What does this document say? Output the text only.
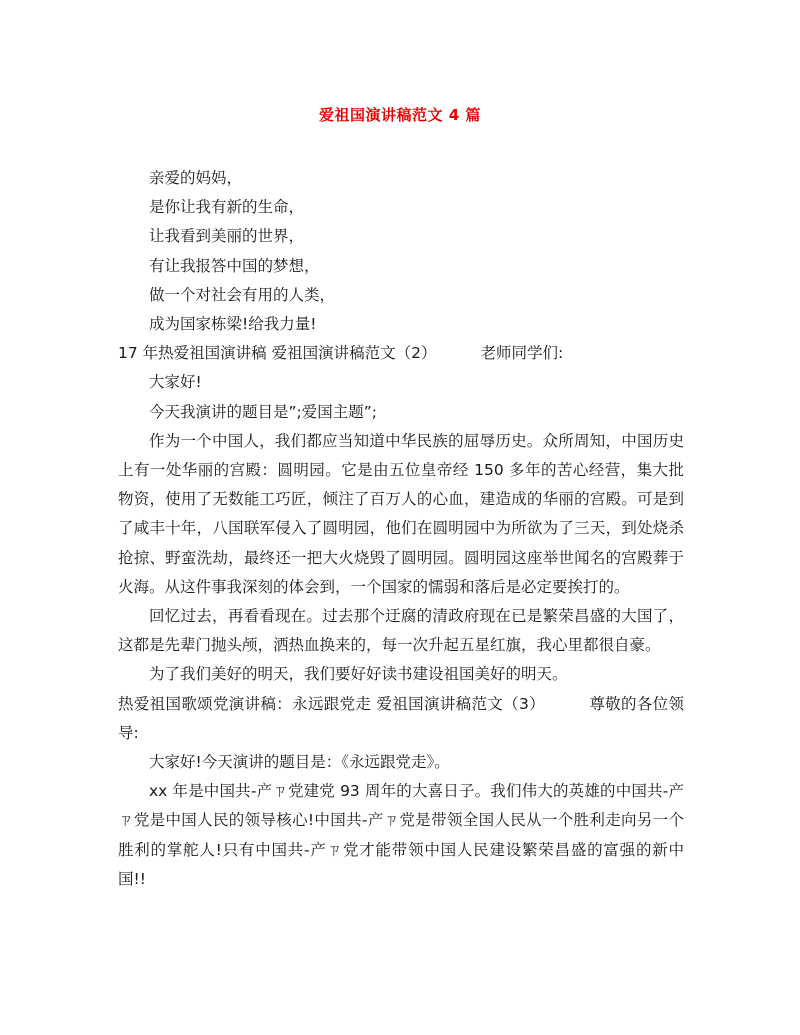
爱祖国演讲稿范文 4 篇

亲爱的妈妈，

是你让我有新的生命，

让我看到美丽的世界，

有让我报答中国的梦想，

做一个对社会有用的人类，

成为国家栋梁!给我力量!

17 年热爱祖国演讲稿 爱祖国演讲稿范文（2）	老师同学们:

大家好!

今天我演讲的题目是”;爱国主题”;

作为一个中国人，我们都应当知道中华民族的屈辱历史。众所周知，中国历史上有一处华丽的宫殿：圆明园。它是由五位皇帝经 150 多年的苦心经营，集大批物资，使用了无数能工巧匠，倾注了百万人的心血，建造成的华丽的宫殿。可是到了咸丰十年，八国联军侵入了圆明园，他们在圆明园中为所欲为了三天，到处烧杀抢掠、野蛮洗劫，最终还一把大火烧毁了圆明园。圆明园这座举世闻名的宫殿葬于火海。从这件事我深刻的体会到，一个国家的懦弱和落后是必定要挨打的。

回忆过去，再看看现在。过去那个迂腐的清政府现在已是繁荣昌盛的大国了，这都是先辈门抛头颅，洒热血换来的，每一次升起五星红旗，我心里都很自豪。

为了我们美好的明天，我们要好好读书建设祖国美好的明天。

热爱祖国歌颂党演讲稿：永远跟党走 爱祖国演讲稿范文（3）	尊敬的各位领导:

大家好!今天演讲的题目是：《永远跟党走》。

xx 年是中国共-产ㄗ党建党 93 周年的大喜日子。我们伟大的英雄的中国共-产ㄗ党是中国人民的领导核心!中国共-产ㄗ党是带领全国人民从一个胜利走向另一个胜利的掌舵人!只有中国共-产ㄗ党才能带领中国人民建设繁荣昌盛的富强的新中国!!
